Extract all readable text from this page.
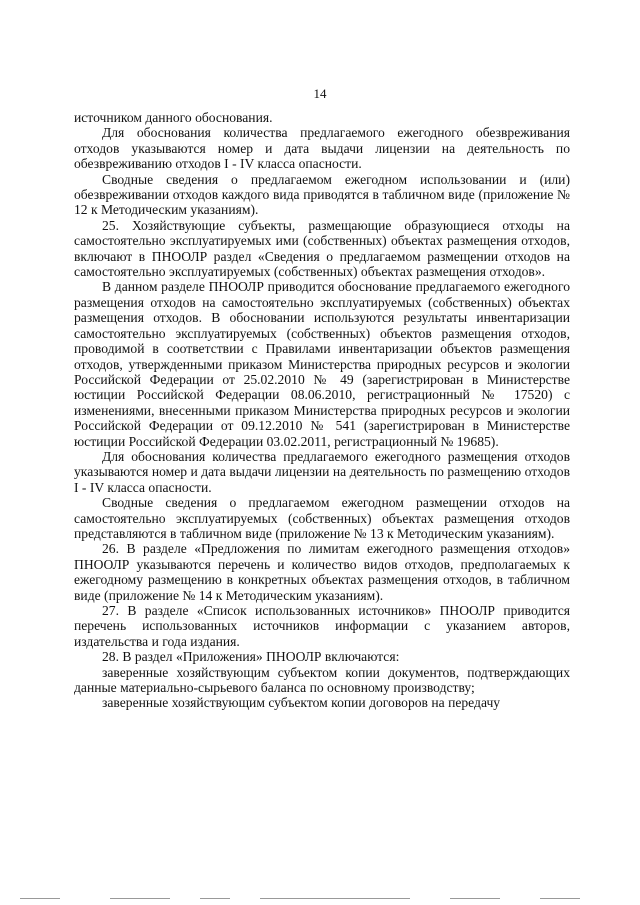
14

источником данного обоснования.

Для обоснования количества предлагаемого ежегодного обезвреживания отходов указываются номер и дата выдачи лицензии на деятельность по обезвреживанию отходов I - IV класса опасности.

Сводные сведения о предлагаемом ежегодном использовании и (или) обезвреживании отходов каждого вида приводятся в табличном виде (приложение № 12 к Методическим указаниям).

25. Хозяйствующие субъекты, размещающие образующиеся отходы на самостоятельно эксплуатируемых ими (собственных) объектах размещения отходов, включают в ПНООЛР раздел «Сведения о предлагаемом размещении отходов на самостоятельно эксплуатируемых (собственных) объектах размещения отходов».

В данном разделе ПНООЛР приводится обоснование предлагаемого ежегодного размещения отходов на самостоятельно эксплуатируемых (собственных) объектах размещения отходов. В обосновании используются результаты инвентаризации самостоятельно эксплуатируемых (собственных) объектов размещения отходов, проводимой в соответствии с Правилами инвентаризации объектов размещения отходов, утвержденными приказом Министерства природных ресурсов и экологии Российской Федерации от 25.02.2010 № 49 (зарегистрирован в Министерстве юстиции Российской Федерации 08.06.2010, регистрационный № 17520) с изменениями, внесенными приказом Министерства природных ресурсов и экологии Российской Федерации от 09.12.2010 № 541 (зарегистрирован в Министерстве юстиции Российской Федерации 03.02.2011, регистрационный № 19685).

Для обоснования количества предлагаемого ежегодного размещения отходов указываются номер и дата выдачи лицензии на деятельность по размещению отходов I - IV класса опасности.

Сводные сведения о предлагаемом ежегодном размещении отходов на самостоятельно эксплуатируемых (собственных) объектах размещения отходов представляются в табличном виде (приложение № 13 к Методическим указаниям).

26. В разделе «Предложения по лимитам ежегодного размещения отходов» ПНООЛР указываются перечень и количество видов отходов, предполагаемых к ежегодному размещению в конкретных объектах размещения отходов, в табличном виде (приложение № 14 к Методическим указаниям).

27. В разделе «Список использованных источников» ПНООЛР приводится перечень использованных источников информации с указанием авторов, издательства и года издания.

28. В раздел «Приложения» ПНООЛР включаются:

заверенные хозяйствующим субъектом копии документов, подтверждающих данные материально-сырьевого баланса по основному производству;

заверенные хозяйствующим субъектом копии договоров на передачу
